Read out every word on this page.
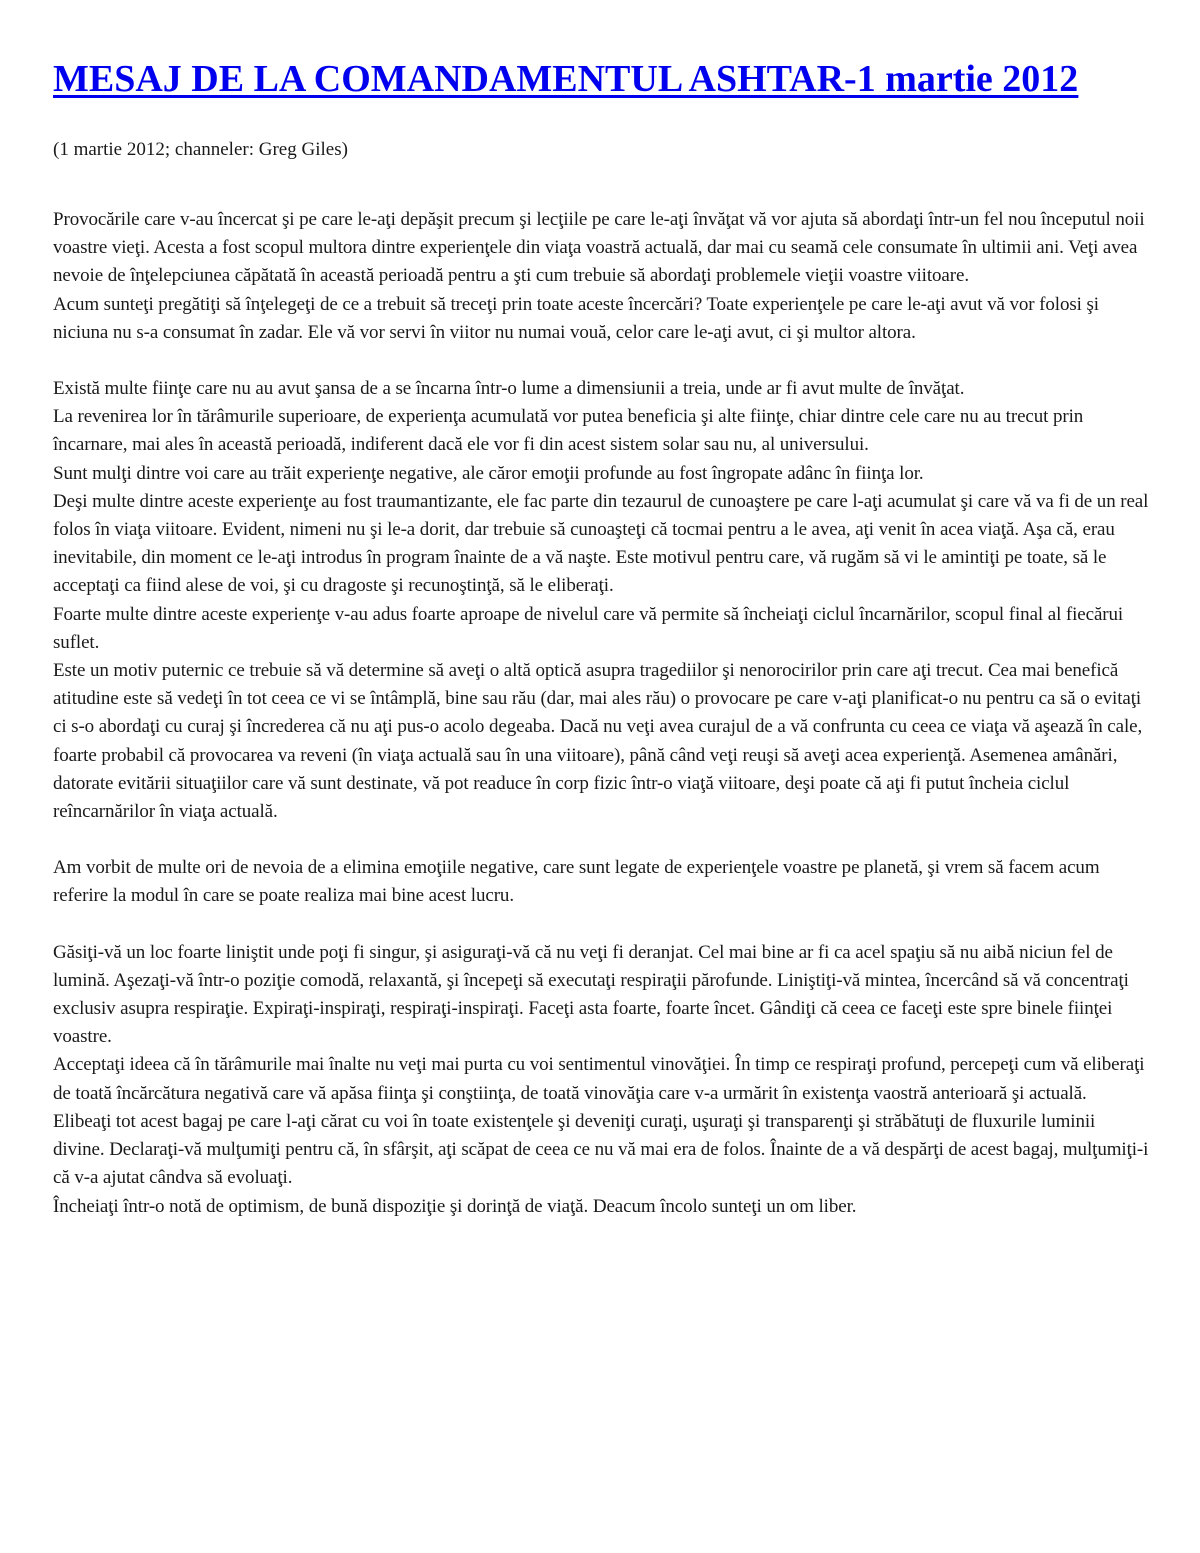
MESAJ DE LA COMANDAMENTUL ASHTAR-1 martie 2012

(1 martie 2012; channeler: Greg Giles)

Provocările care v-au încercat şi pe care le-aţi depăşit precum şi lecţiile pe care le-aţi învăţat vă vor ajuta să abordaţi într-un fel nou începutul noii voastre vieţi. Acesta a fost scopul multora dintre experienţele din viaţa voastră actuală, dar mai cu seamă cele consumate în ultimii ani. Veţi avea nevoie de înţelepciunea căpătată în această perioadă pentru a şti cum trebuie să abordaţi problemele vieţii voastre viitoare.

Acum sunteţi pregătiţi să înţelegeţi de ce a trebuit să treceţi prin toate aceste încercări? Toate experienţele pe care le-aţi avut vă vor folosi şi niciuna nu s-a consumat în zadar. Ele vă vor servi în viitor nu numai vouă, celor care le-aţi avut, ci şi multor altora.

Există multe fiinţe care nu au avut şansa de a se încarna într-o lume a dimensiunii a treia, unde ar fi avut multe de învăţat.

La revenirea lor în tărâmurile superioare, de experienţa acumulată vor putea beneficia şi alte fiinţe, chiar dintre cele care nu au trecut prin încarnare, mai ales în această perioadă, indiferent dacă ele vor fi din acest sistem solar sau nu, al universului.

Sunt mulţi dintre voi care au trăit experienţe negative, ale căror emoţii profunde au fost îngropate adânc în fiinţa lor.

Deşi multe dintre aceste experienţe au fost traumantizante, ele fac parte din tezaurul de cunoaştere pe care l-aţi acumulat şi care vă va fi de un real folos în viaţa viitoare. Evident, nimeni nu şi le-a dorit, dar trebuie să cunoaşteţi că tocmai pentru a le avea, aţi venit în acea viaţă. Aşa că, erau inevitabile, din moment ce le-aţi introdus în program înainte de a vă naşte. Este motivul pentru care, vă rugăm să vi le amintiţi pe toate, să le acceptaţi ca fiind alese de voi, şi cu dragoste şi recunoştinţă, să le eliberaţi.

Foarte multe dintre aceste experienţe v-au adus foarte aproape de nivelul care vă permite să încheiaţi ciclul încarnărilor, scopul final al fiecărui suflet.

Este un motiv puternic ce trebuie să vă determine să aveţi o altă optică asupra tragediilor şi nenorocirilor prin care aţi trecut. Cea mai benefică atitudine este să vedeţi în tot ceea ce vi se întâmplă, bine sau rău (dar, mai ales rău) o provocare pe care v-aţi planificat-o nu pentru ca să o evitaţi ci s-o abordaţi cu curaj şi încrederea că nu aţi pus-o acolo degeaba. Dacă nu veţi avea curajul de a vă confrunta cu ceea ce viaţa vă aşează în cale, foarte probabil că provocarea va reveni (în viaţa actuală sau în una viitoare), până când veţi reuşi să aveţi acea experienţă. Asemenea amânări, datorate evitării situaţiilor care vă sunt destinate, vă pot readuce în corp fizic într-o viaţă viitoare, deşi poate că aţi fi putut încheia ciclul reîncarnărilor în viaţa actuală.

Am vorbit de multe ori de nevoia de a elimina emoţiile negative, care sunt legate de experienţele voastre pe planetă, şi vrem să facem acum referire la modul în care se poate realiza mai bine acest lucru.

Găsiţi-vă un loc foarte liniştit unde poţi fi singur, şi asiguraţi-vă că nu veţi fi deranjat. Cel mai bine ar fi ca acel spaţiu să nu aibă niciun fel de lumină. Aşezaţi-vă într-o poziţie comodă, relaxantă, şi începeţi să executaţi respiraţii părofunde. Liniştiţi-vă mintea, încercând să vă concentraţi exclusiv asupra respiraţie. Expiraţi-inspiraţi, respiraţi-inspiraţi. Faceţi asta foarte, foarte încet. Gândiţi că ceea ce faceţi este spre binele fiinţei voastre.

Acceptaţi ideea că în tărâmurile mai înalte nu veţi mai purta cu voi sentimentul vinovăţiei. În timp ce respiraţi profund, percepeţi cum vă eliberaţi de toată încărcătura negativă care vă apăsa fiinţa şi conştiinţa, de toată vinovăţia care v-a urmărit în existenţa vaostră anterioară şi actuală. Elibeaţi tot acest bagaj pe care l-aţi cărat cu voi în toate existenţele şi deveniţi curaţi, uşuraţi şi transparenţi şi străbătuţi de fluxurile luminii divine. Declaraţi-vă mulţumiţi pentru că, în sfârşit, aţi scăpat de ceea ce nu vă mai era de folos. Înainte de a vă despărţi de acest bagaj, mulţumiţi-i că v-a ajutat cândva să evoluaţi.

Încheiaţi într-o notă de optimism, de bună dispoziţie şi dorinţă de viaţă. Deacum încolo sunteţi un om liber.
